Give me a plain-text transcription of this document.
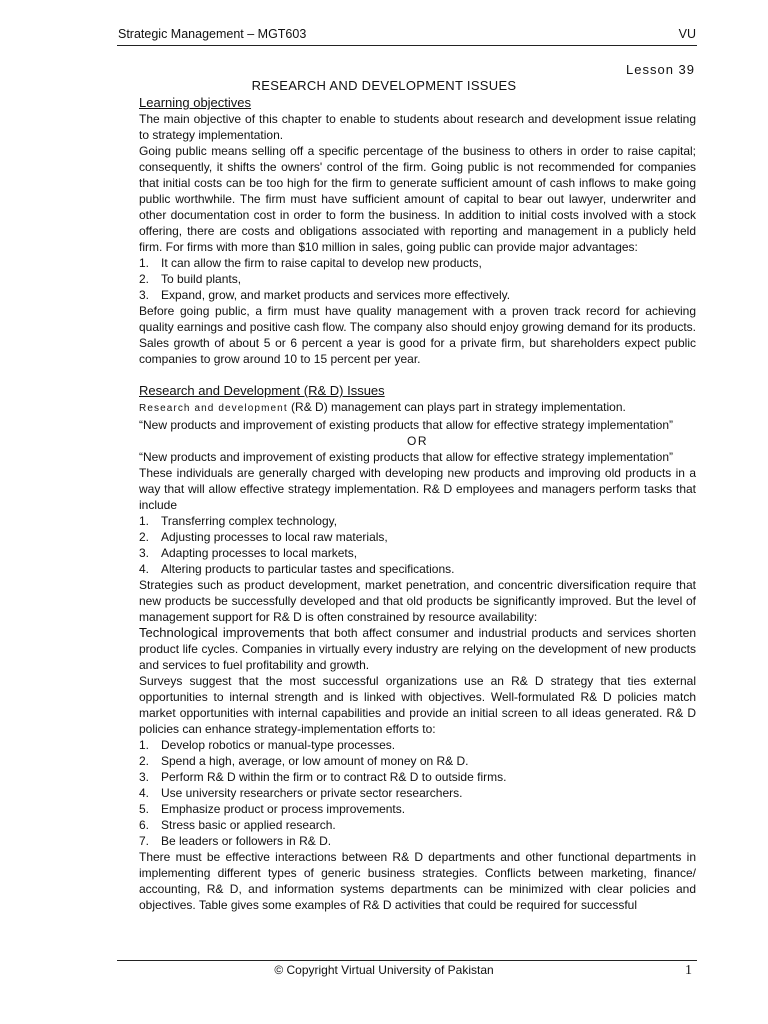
Strategic Management – MGT603	VU
Lesson 39
RESEARCH AND DEVELOPMENT ISSUES
Learning objectives

The main objective of this chapter to enable to students about research and development issue relating to strategy implementation.

Going public means selling off a specific percentage of the business to others in order to raise capital; consequently, it shifts the owners' control of the firm. Going public is not recommended for companies that initial costs can be too high for the firm to generate sufficient amount of cash inflows to make going public worthwhile. The firm must have sufficient amount of capital to bear out lawyer, underwriter and other documentation cost in order to form the business. In addition to initial costs involved with a stock offering, there are costs and obligations associated with reporting and management in a publicly held firm. For firms with more than $10 million in sales, going public can provide major advantages:

1. It can allow the firm to raise capital to develop new products,
2. To build plants,
3. Expand, grow, and market products and services more effectively.

Before going public, a firm must have quality management with a proven track record for achieving quality earnings and positive cash flow. The company also should enjoy growing demand for its products. Sales growth of about 5 or 6 percent a year is good for a private firm, but shareholders expect public companies to grow around 10 to 15 percent per year.

Research and Development (R& D) Issues

Research and development (R& D) management can plays part in strategy implementation.

“New products and improvement of existing products that allow for effective strategy implementation”

OR

“New products and improvement of existing products that allow for effective strategy implementation”

These individuals are generally charged with developing new products and improving old products in a way that will allow effective strategy implementation. R& D employees and managers perform tasks that include

1. Transferring complex technology,
2. Adjusting processes to local raw materials,
3. Adapting processes to local markets,
4. Altering products to particular tastes and specifications.

Strategies such as product development, market penetration, and concentric diversification require that new products be successfully developed and that old products be significantly improved. But the level of management support for R& D is often constrained by resource availability:

Technological improvements that both affect consumer and industrial products and services shorten product life cycles. Companies in virtually every industry are relying on the development of new products and services to fuel profitability and growth.

Surveys suggest that the most successful organizations use an R& D strategy that ties external opportunities to internal strength and is linked with objectives. Well-formulated R& D policies match market opportunities with internal capabilities and provide an initial screen to all ideas generated. R& D policies can enhance strategy-implementation efforts to:

1. Develop robotics or manual-type processes.
2. Spend a high, average, or low amount of money on R& D.
3. Perform R& D within the firm or to contract R& D to outside firms.
4. Use university researchers or private sector researchers.
5. Emphasize product or process improvements.
6. Stress basic or applied research.
7. Be leaders or followers in R& D.

There must be effective interactions between R& D departments and other functional departments in implementing different types of generic business strategies. Conflicts between marketing, finance/ accounting, R& D, and information systems departments can be minimized with clear policies and objectives. Table gives some examples of R& D activities that could be required for successful

© Copyright Virtual University of Pakistan	1
